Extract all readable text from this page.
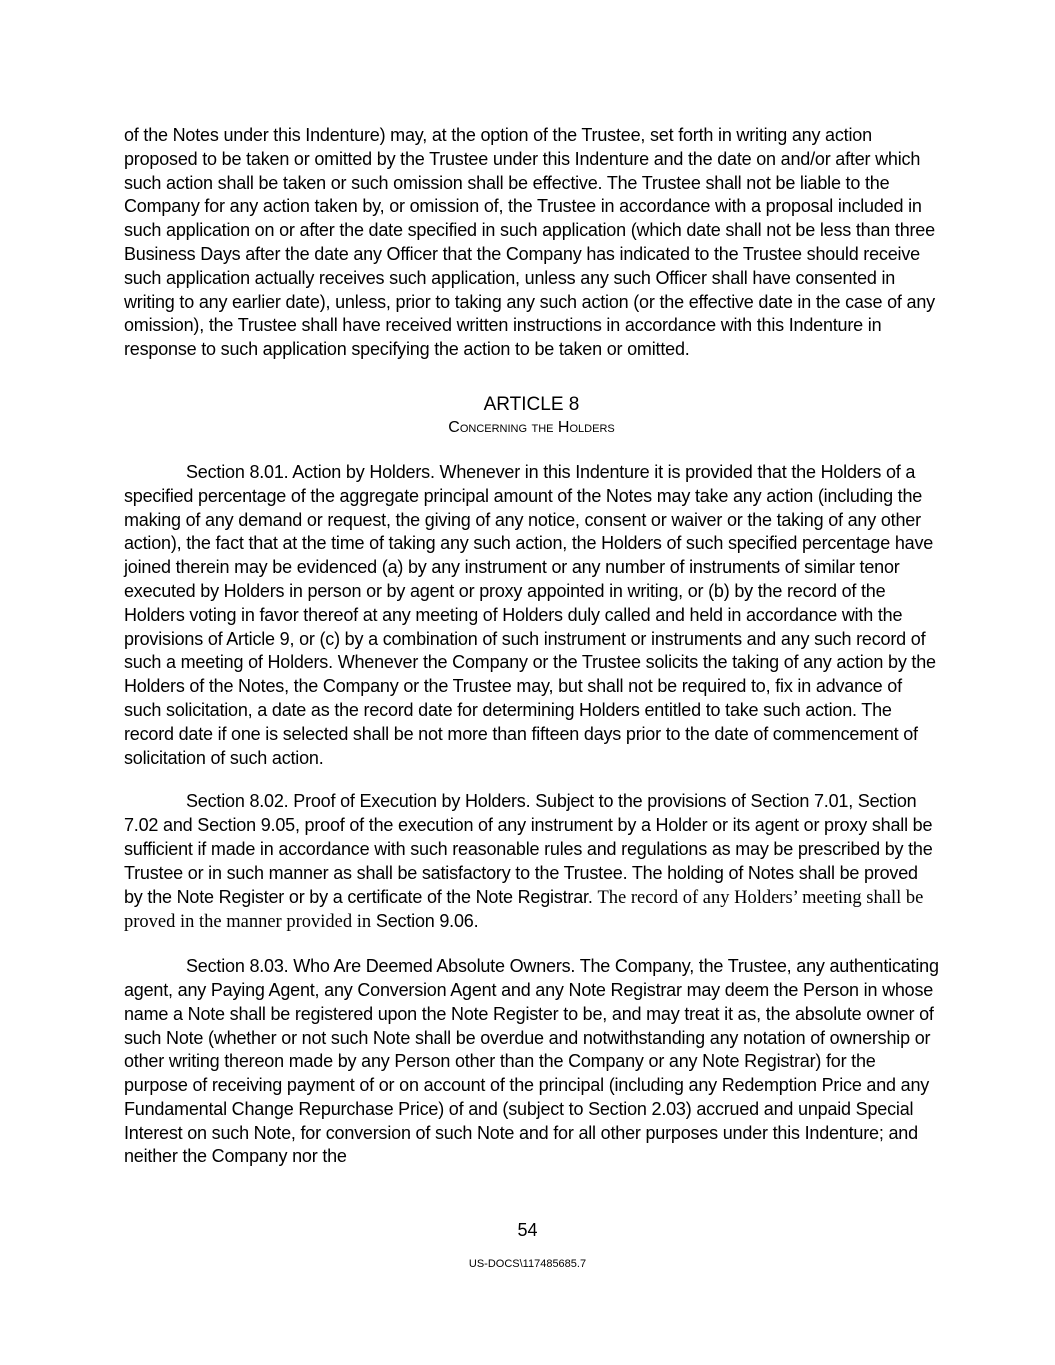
of the Notes under this Indenture) may, at the option of the Trustee, set forth in writing any action proposed to be taken or omitted by the Trustee under this Indenture and the date on and/or after which such action shall be taken or such omission shall be effective. The Trustee shall not be liable to the Company for any action taken by, or omission of, the Trustee in accordance with a proposal included in such application on or after the date specified in such application (which date shall not be less than three Business Days after the date any Officer that the Company has indicated to the Trustee should receive such application actually receives such application, unless any such Officer shall have consented in writing to any earlier date), unless, prior to taking any such action (or the effective date in the case of any omission), the Trustee shall have received written instructions in accordance with this Indenture in response to such application specifying the action to be taken or omitted.

ARTICLE 8
Concerning the Holders

Section 8.01. Action by Holders. Whenever in this Indenture it is provided that the Holders of a specified percentage of the aggregate principal amount of the Notes may take any action (including the making of any demand or request, the giving of any notice, consent or waiver or the taking of any other action), the fact that at the time of taking any such action, the Holders of such specified percentage have joined therein may be evidenced (a) by any instrument or any number of instruments of similar tenor executed by Holders in person or by agent or proxy appointed in writing, or (b) by the record of the Holders voting in favor thereof at any meeting of Holders duly called and held in accordance with the provisions of Article 9, or (c) by a combination of such instrument or instruments and any such record of such a meeting of Holders. Whenever the Company or the Trustee solicits the taking of any action by the Holders of the Notes, the Company or the Trustee may, but shall not be required to, fix in advance of such solicitation, a date as the record date for determining Holders entitled to take such action. The record date if one is selected shall be not more than fifteen days prior to the date of commencement of solicitation of such action.

Section 8.02. Proof of Execution by Holders. Subject to the provisions of Section 7.01, Section 7.02 and Section 9.05, proof of the execution of any instrument by a Holder or its agent or proxy shall be sufficient if made in accordance with such reasonable rules and regulations as may be prescribed by the Trustee or in such manner as shall be satisfactory to the Trustee. The holding of Notes shall be proved by the Note Register or by a certificate of the Note Registrar. The record of any Holders’ meeting shall be proved in the manner provided in Section 9.06.

Section 8.03. Who Are Deemed Absolute Owners. The Company, the Trustee, any authenticating agent, any Paying Agent, any Conversion Agent and any Note Registrar may deem the Person in whose name a Note shall be registered upon the Note Register to be, and may treat it as, the absolute owner of such Note (whether or not such Note shall be overdue and notwithstanding any notation of ownership or other writing thereon made by any Person other than the Company or any Note Registrar) for the purpose of receiving payment of or on account of the principal (including any Redemption Price and any Fundamental Change Repurchase Price) of and (subject to Section 2.03) accrued and unpaid Special Interest on such Note, for conversion of such Note and for all other purposes under this Indenture; and neither the Company nor the

54
US-DOCS\117485685.7
